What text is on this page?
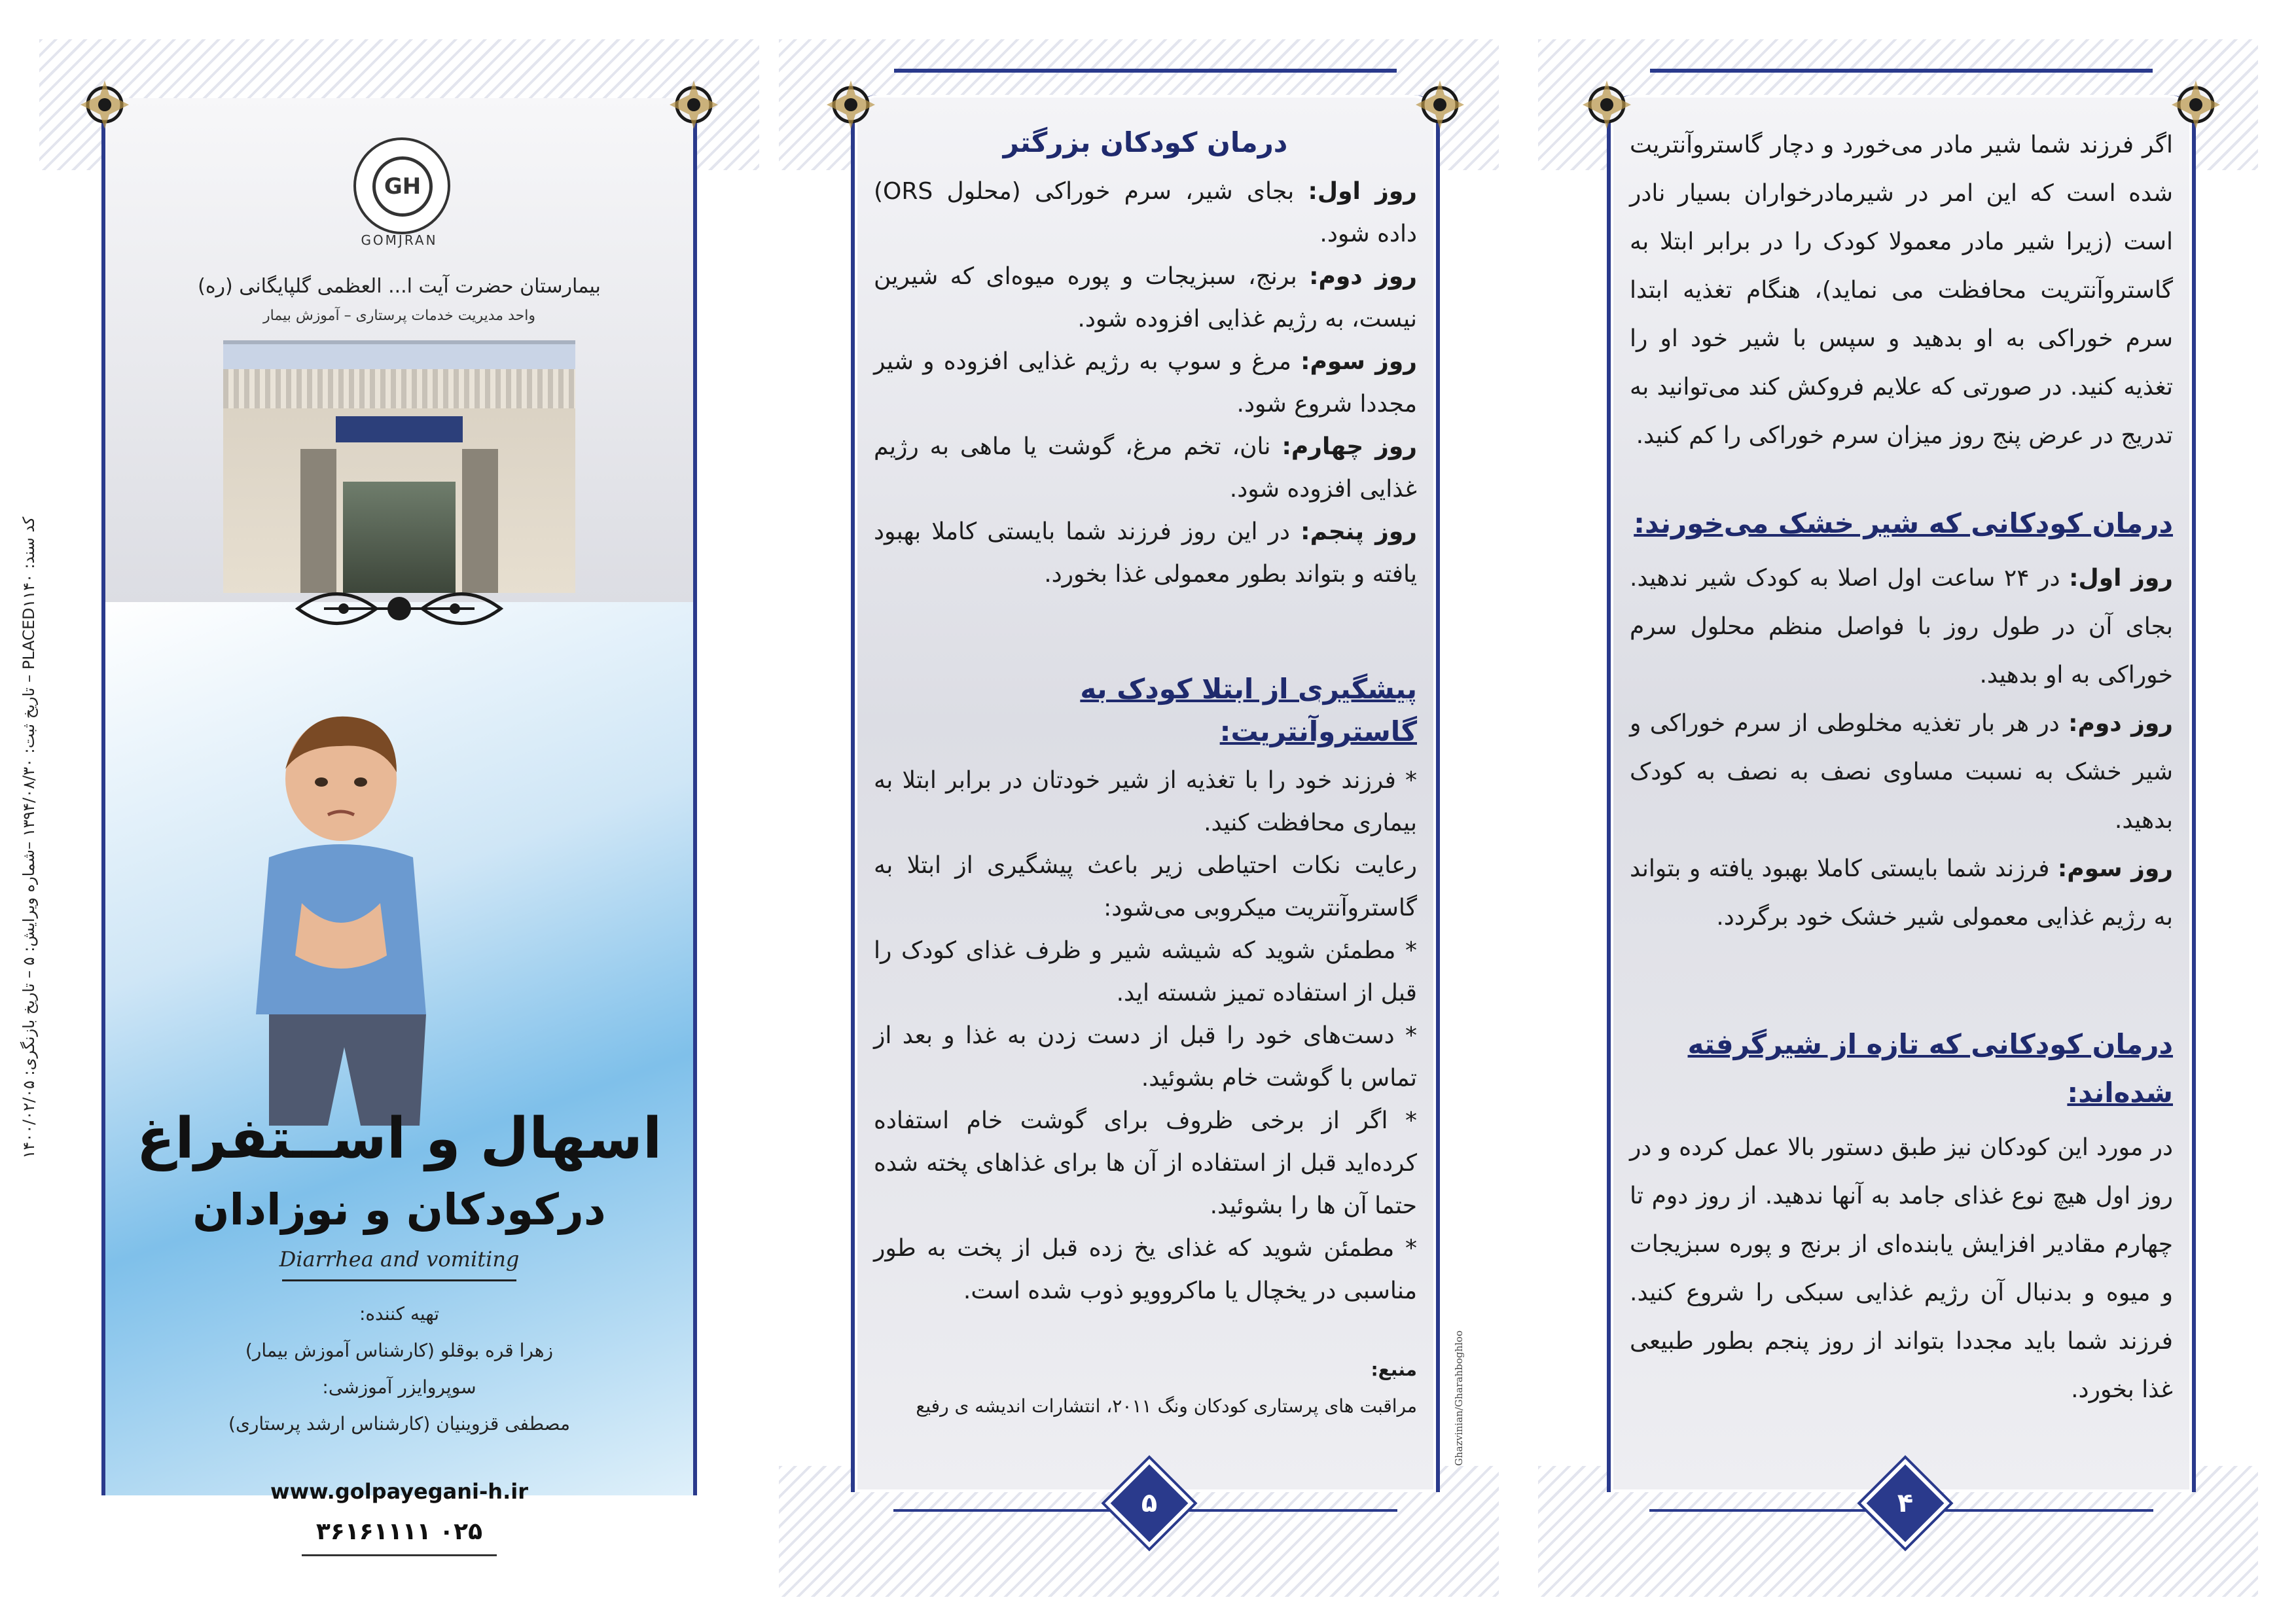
کد سند: PLACED۱۱۴۰ – تاریخ ثبت: ۱۳۹۴/۰۸/۳۰ –شماره ویرایش: ۵ – تاریخ بازنگری: ۱۴۰۰/۰۲/۰۵
Ghazvinian/Gharahboghloo
GH
GOMJRAN
بیمارستان حضرت آیت ا... العظمی گلپایگانی (ره)
واحد مدیریت خدمات پرستاری – آموزش بیمار
اسهال و اســتفراغ
درکودکان و نوزادان
Diarrhea and vomiting
تهیه کننده:
زهرا قره بوقلو (کارشناس آموزش بیمار)
سوپروایزر آموزشی:
مصطفی قزوینیان (کارشناس ارشد پرستاری)
www.golpayegani-h.ir
۰۲۵ ۳۶۱۶۱۱۱۱
درمان کودکان بزرگتر

روز اول: بجای شیر، سرم خوراکی (محلول ORS) داده شود.

روز دوم: برنج، سبزیجات و پوره میوه‌ای که شیرین نیست، به رژیم غذایی افزوده شود.

روز سوم: مرغ و سوپ به رژیم غذایی افزوده و شیر مجددا شروع شود.

روز چهارم: نان، تخم مرغ، گوشت یا ماهی به رژیم غذایی افزوده شود.

روز پنجم: در این روز فرزند شما بایستی کاملا بهبود یافته و بتواند بطور معمولی غذا بخورد.

پیشگیری از ابتلا کودک به گاستروآنتریت:

* فرزند خود را با تغذیه از شیر خودتان در برابر ابتلا به بیماری محافظت کنید.

رعایت نکات احتیاطی زیر باعث پیشگیری از ابتلا به گاستروآنتریت میکروبی می‌شود:

* مطمئن شوید که شیشه شیر و ظرف غذای کودک را قبل از استفاده تمیز شسته اید.

* دست‌های خود را قبل از دست زدن به غذا و بعد از تماس با گوشت خام بشوئید.

* اگر از برخی ظروف برای گوشت خام استفاده کرده‌اید قبل از استفاده از آن ها برای غذاهای پخته شده حتما آن ها را بشوئید.

* مطمئن شوید که غذای یخ زده قبل از پخت به طور مناسبی در یخچال یا ماکروویو ذوب شده است.

منبع:
مراقبت های پرستاری کودکان ونگ ۲۰۱۱، انتشارات اندیشه ی رفیع
۵

اگر فرزند شما شیر مادر می‌خورد و دچار گاستروآنتریت شده است که این امر در شیرمادرخواران بسیار نادر است (زیرا شیر مادر معمولا کودک را در برابر ابتلا به گاستروآنتریت محافظت می نماید)، هنگام تغذیه ابتدا سرم خوراکی به او بدهید و سپس با شیر خود او را تغذیه کنید. در صورتی که علایم فروکش کند می‌توانید به تدریج در عرض پنج روز میزان سرم خوراکی را کم کنید.

درمان کودکانی که شیر خشک می‌خورند:

روز اول: در ۲۴ ساعت اول اصلا به کودک شیر ندهید. بجای آن در طول روز با فواصل منظم محلول سرم خوراکی به او بدهید.

روز دوم: در هر بار تغذیه مخلوطی از سرم خوراکی و شیر خشک به نسبت مساوی نصف به نصف به کودک بدهید.

روز سوم: فرزند شما بایستی کاملا بهبود یافته و بتواند به رژیم غذایی معمولی شیر خشک خود برگردد.

درمان کودکانی که تازه از شیرگرفته شده‌اند:

در مورد این کودکان نیز طبق دستور بالا عمل کرده و در روز اول هیچ نوع غذای جامد به آنها ندهید. از روز دوم تا چهارم مقادیر افزایش یابنده‌ای از برنج و پوره سبزیجات و میوه و بدنبال آن رژیم غذایی سبکی را شروع کنید. فرزند شما باید مجددا بتواند از روز پنجم بطور طبیعی غذا بخورد.

۴
